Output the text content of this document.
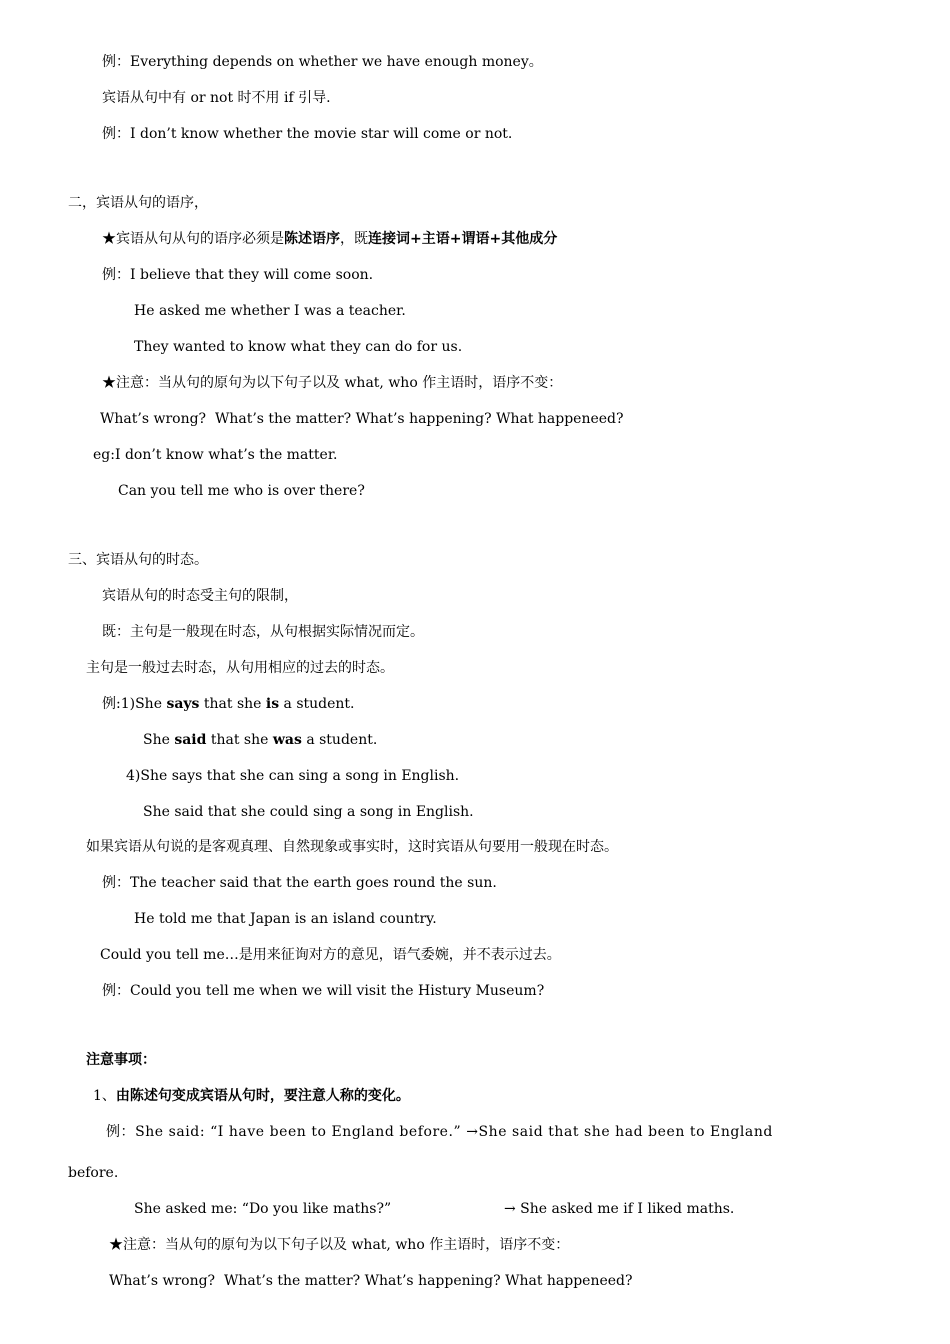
例：Everything depends on whether we have enough money。
宾语从句中有 or not 时不用 if 引导.
例：I don’t know whether the movie star will come or not.
二，宾语从句的语序，
★宾语从句从句的语序必须是陈述语序，既连接词+主语+谓语+其他成分
例：I believe that they will come soon.
He asked me whether I was a teacher.
They wanted to know what they can do for us.
★注意：当从句的原句为以下句子以及 what, who 作主语时，语序不变：
What’s wrong?  What’s the matter? What’s happening? What happeneed?
eg:I don’t know what’s the matter.
Can you tell me who is over there?
三、宾语从句的时态。
宾语从句的时态受主句的限制，
既：主句是一般现在时态，从句根据实际情况而定。
主句是一般过去时态，从句用相应的过去的时态。
例:1)She says that she is a student.
She said that she was a student.
4)She says that she can sing a song in English.
She said that she could sing a song in English.
如果宾语从句说的是客观真理、自然现象或事实时，这时宾语从句要用一般现在时态。
例：The teacher said that the earth goes round the sun.
He told me that Japan is an island country.
Could you tell me…是用来征询对方的意见，语气委婉，并不表示过去。
例：Could you tell me when we will visit the Histury Museum?
注意事项：
1、由陈述句变成宾语从句时，要注意人称的变化。
例：She said: “I have been to England before.” →She said that she had been to England
before.
She asked me: “Do you like maths?”	→ She asked me if I liked maths.
★注意：当从句的原句为以下句子以及 what, who 作主语时，语序不变：
What’s wrong?  What’s the matter? What’s happening? What happeneed?
